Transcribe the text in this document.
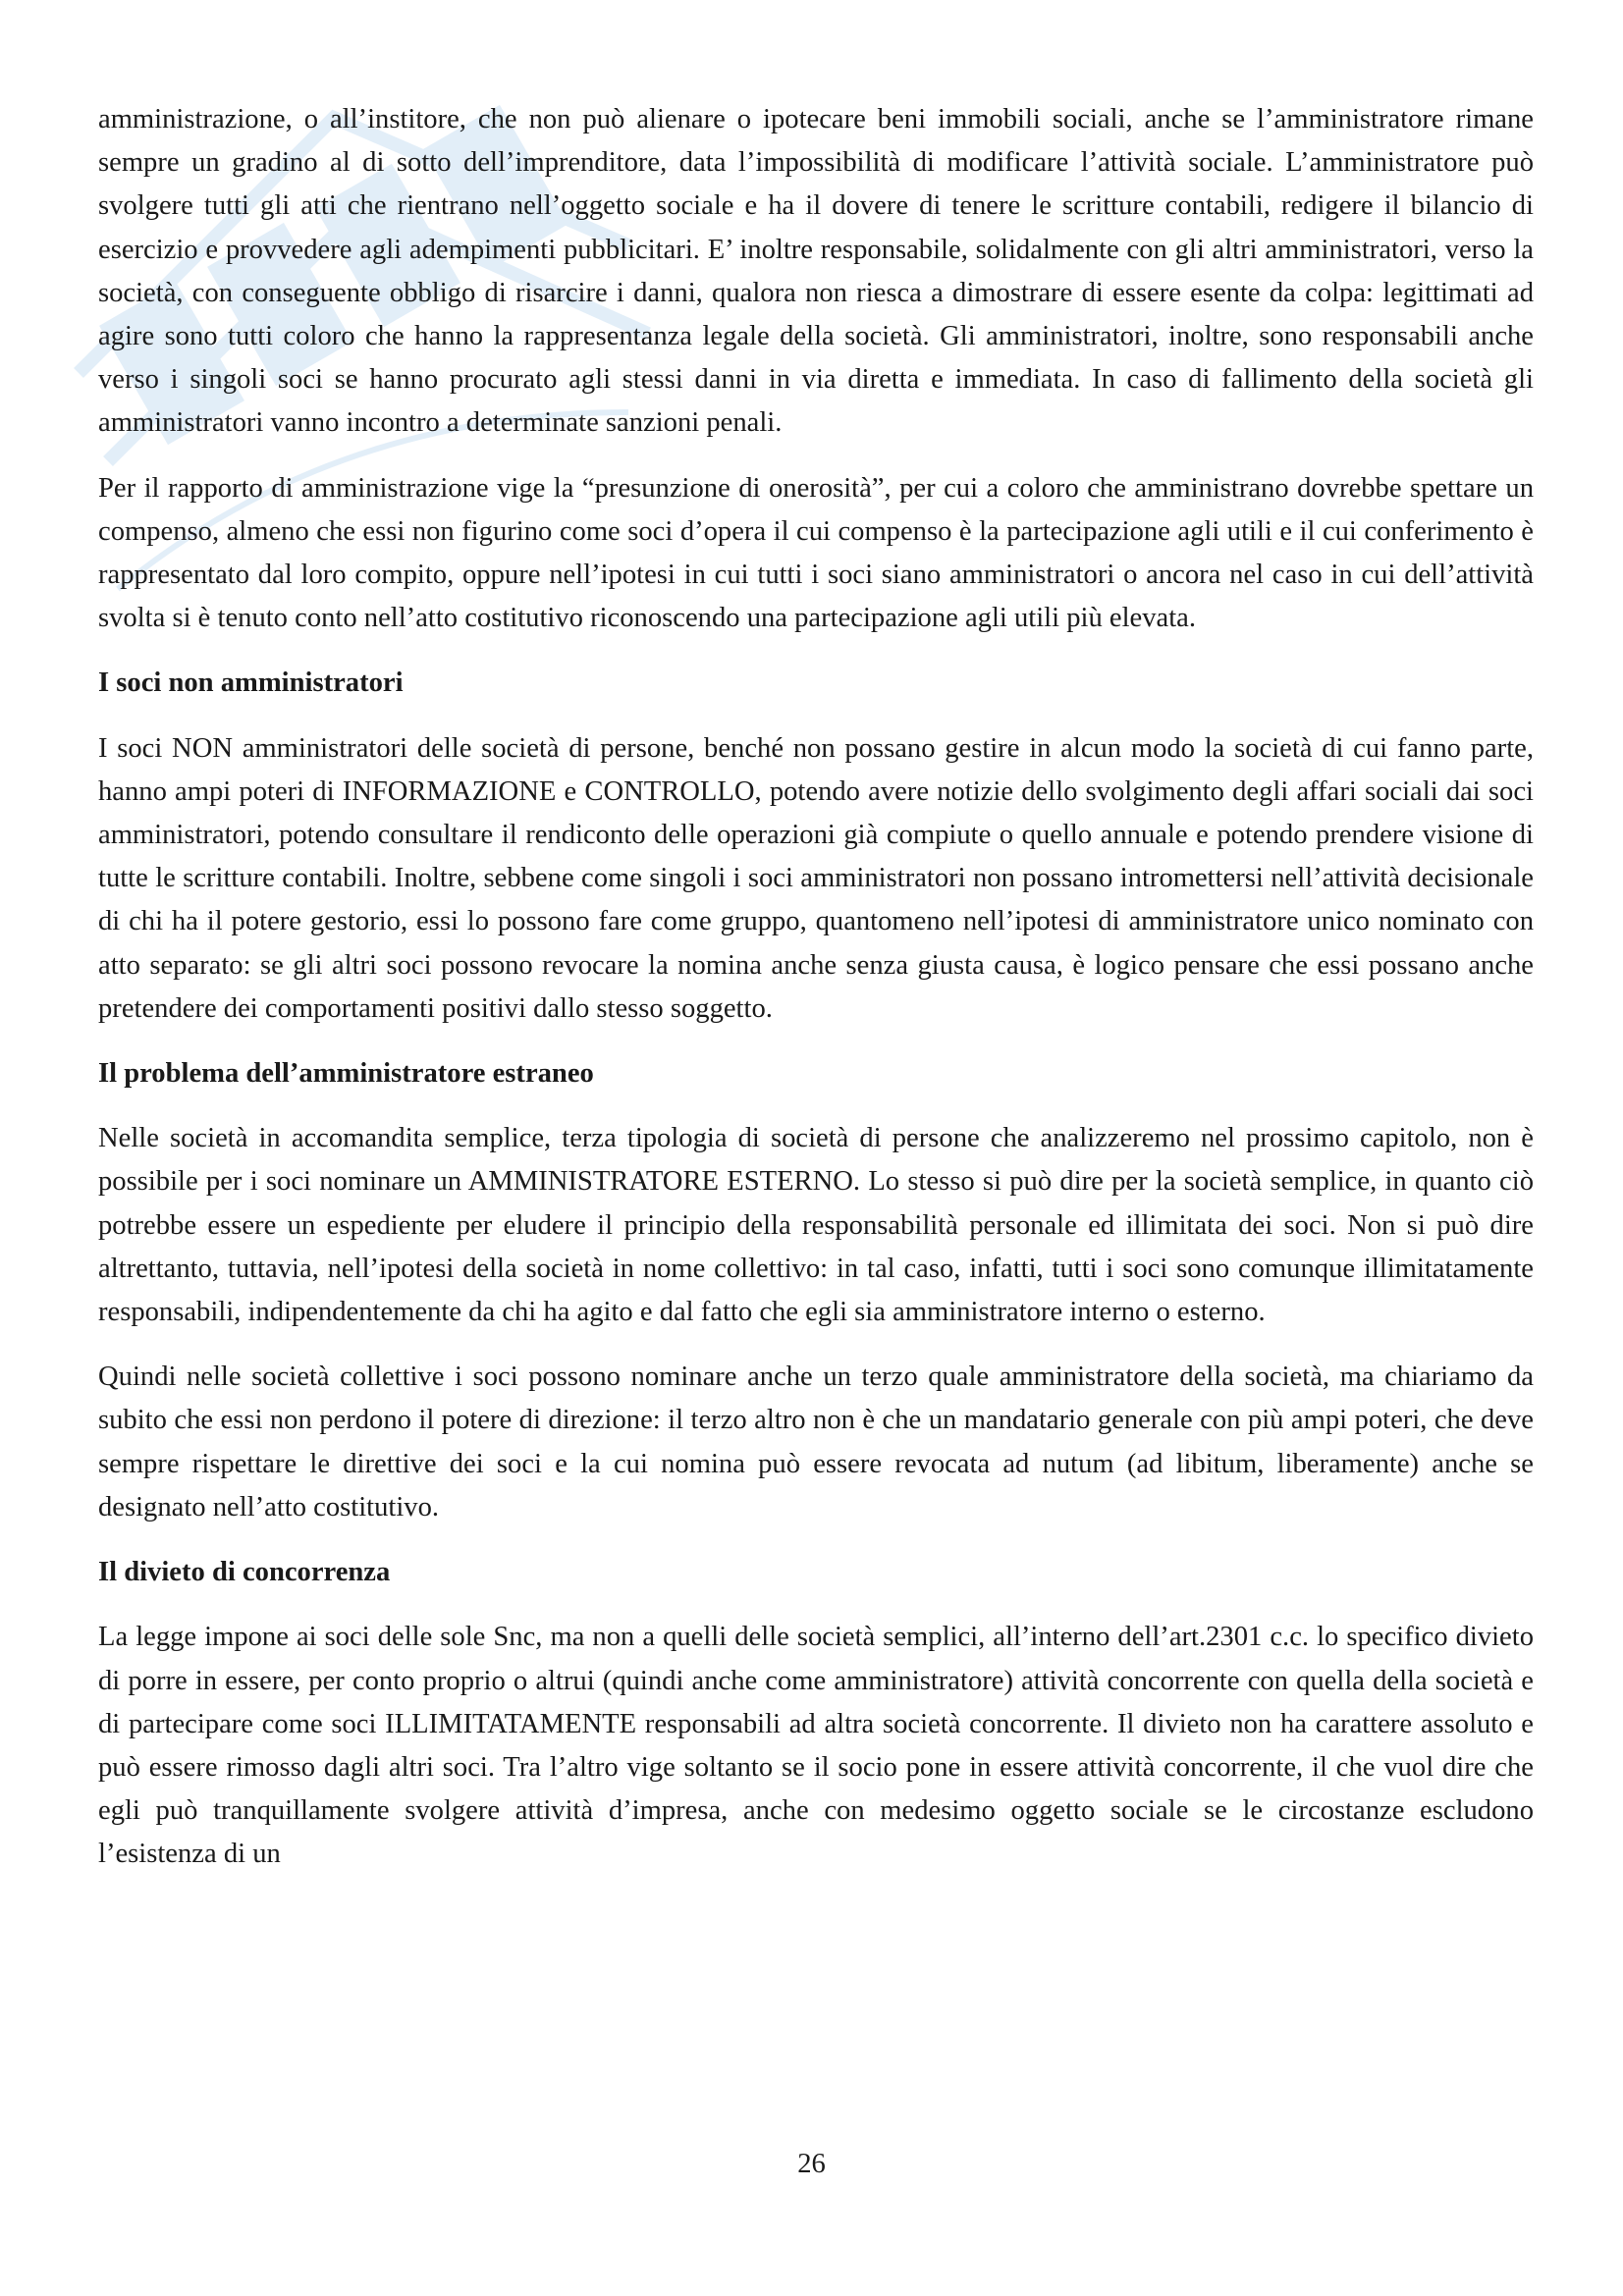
amministrazione, o all’institore, che non può alienare o ipotecare beni immobili sociali, anche se l’amministratore rimane sempre un gradino al di sotto dell’imprenditore, data l’impossibilità di modificare l’attività sociale. L’amministratore può svolgere tutti gli atti che rientrano nell’oggetto sociale e ha il dovere di tenere le scritture contabili, redigere il bilancio di esercizio e provvedere agli adempimenti pubblicitari. E’ inoltre responsabile, solidalmente con gli altri amministratori, verso la società, con conseguente obbligo di risarcire i danni, qualora non riesca a dimostrare di essere esente da colpa: legittimati ad agire sono tutti coloro che hanno la rappresentanza legale della società. Gli amministratori, inoltre, sono responsabili anche verso i singoli soci se hanno procurato agli stessi danni in via diretta e immediata. In caso di fallimento della società gli amministratori vanno incontro a determinate sanzioni penali.

Per il rapporto di amministrazione vige la “presunzione di onerosità”, per cui a coloro che amministrano dovrebbe spettare un compenso, almeno che essi non figurino come soci d’opera il cui compenso è la partecipazione agli utili e il cui conferimento è rappresentato dal loro compito, oppure nell’ipotesi in cui tutti i soci siano amministratori o ancora nel caso in cui dell’attività svolta si è tenuto conto nell’atto costitutivo riconoscendo una partecipazione agli utili più elevata.

I soci non amministratori

I soci NON amministratori delle società di persone, benché non possano gestire in alcun modo la società di cui fanno parte, hanno ampi poteri di INFORMAZIONE e CONTROLLO, potendo avere notizie dello svolgimento degli affari sociali dai soci amministratori, potendo consultare il rendiconto delle operazioni già compiute o quello annuale e potendo prendere visione di tutte le scritture contabili. Inoltre, sebbene come singoli i soci amministratori non possano intromettersi nell’attività decisionale di chi ha il potere gestorio, essi lo possono fare come gruppo, quantomeno nell’ipotesi di amministratore unico nominato con atto separato: se gli altri soci possono revocare la nomina anche senza giusta causa, è logico pensare che essi possano anche pretendere dei comportamenti positivi dallo stesso soggetto.

Il problema dell’amministratore estraneo

Nelle società in accomandita semplice, terza tipologia di società di persone che analizzeremo nel prossimo capitolo, non è possibile per i soci nominare un AMMINISTRATORE ESTERNO. Lo stesso si può dire per la società semplice, in quanto ciò potrebbe essere un espediente per eludere il principio della responsabilità personale ed illimitata dei soci. Non si può dire altrettanto, tuttavia, nell’ipotesi della società in nome collettivo: in tal caso, infatti, tutti i soci sono comunque illimitatamente responsabili, indipendentemente da chi ha agito e dal fatto che egli sia amministratore interno o esterno.

Quindi nelle società collettive i soci possono nominare anche un terzo quale amministratore della società, ma chiariamo da subito che essi non perdono il potere di direzione: il terzo altro non è che un mandatario generale con più ampi poteri, che deve sempre rispettare le direttive dei soci e la cui nomina può essere revocata ad nutum (ad libitum, liberamente) anche se designato nell’atto costitutivo.

Il divieto di concorrenza

La legge impone ai soci delle sole Snc, ma non a quelli delle società semplici, all’interno dell’art.2301 c.c. lo specifico divieto di porre in essere, per conto proprio o altrui (quindi anche come amministratore) attività concorrente con quella della società e di partecipare come soci ILLIMITATAMENTE responsabili ad altra società concorrente. Il divieto non ha carattere assoluto e può essere rimosso dagli altri soci. Tra l’altro vige soltanto se il socio pone in essere attività concorrente, il che vuol dire che egli può tranquillamente svolgere attività d’impresa, anche con medesimo oggetto sociale se le circostanze escludono l’esistenza di un

26
